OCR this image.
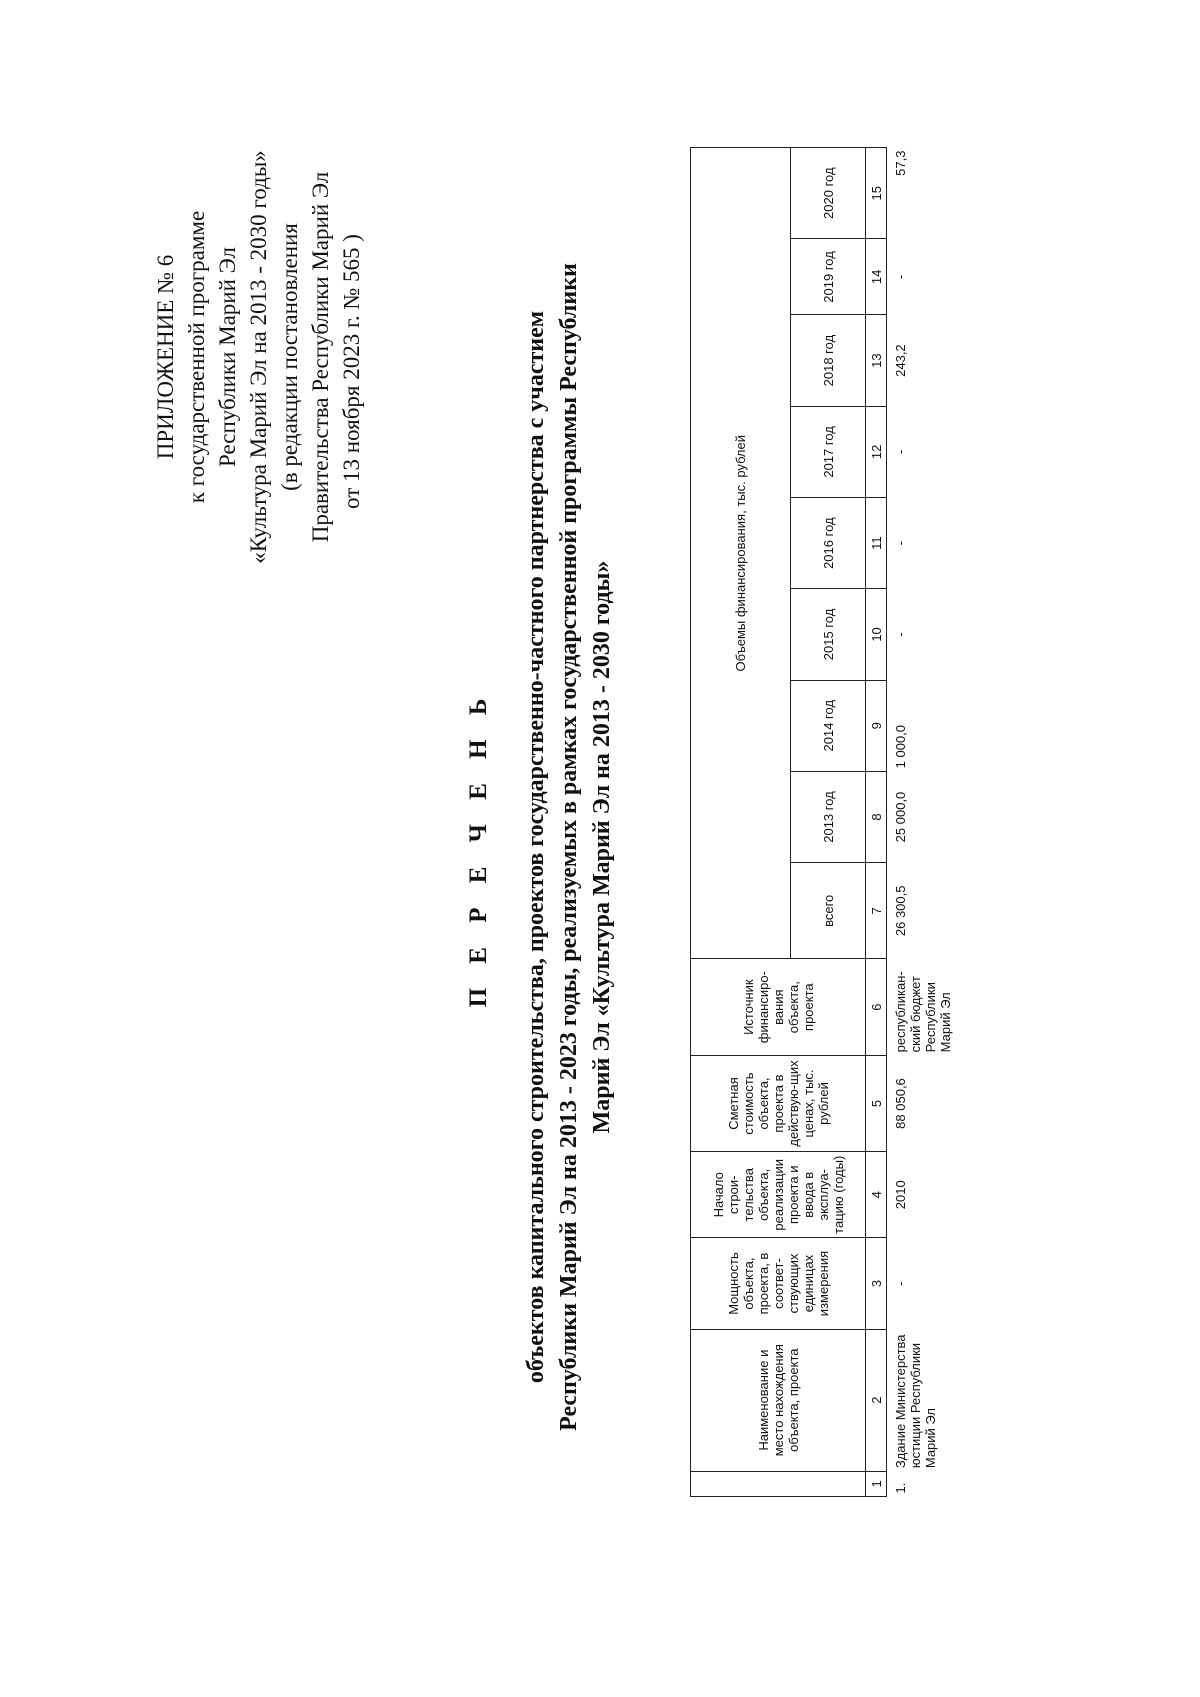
ПРИЛОЖЕНИЕ № 6 к государственной программе Республики Марий Эл «Культура Марий Эл на 2013 - 2030 годы» (в редакции постановления Правительства Республики Марий Эл от 13 ноября 2023 г. № 565 )
П Е Р Е Ч Е Н Ь объектов капитального строительства, проектов государственно-частного партнерства с участием Республики Марий Эл на 2013 - 2023 годы, реализуемых в рамках государственной программы Республики Марий Эл «Культура Марий Эл на 2013 - 2030 годы»
	Наименование и место нахождения объекта, проекта	Мощность объекта, проекта, в соответ-ствующих единицах измерения	Начало строи-тельства объекта, реализации проекта и ввода в эксплуа-тацию (годы)	Сметная стоимость объекта, проекта в действую-щих ценах, тыс. рублей	Источник финансиро-вания объекта, проекта	Объемы финансирования, тыс. рублей								
						всего	2013 год	2014 год	2015 год	2016 год	2017 год	2018 год	2019 год	2020 год
1	2	3	4	5	6	7	8	9	10	11	12	13	14	15
1.	Здание Министерства юстиции Республики Марий Эл	-	2010	88 050,6	республикан-ский бюджет Республики Марий Эл	26 300,5	25 000,0	1 000,0	-	-	-	243,2	-	57,3
